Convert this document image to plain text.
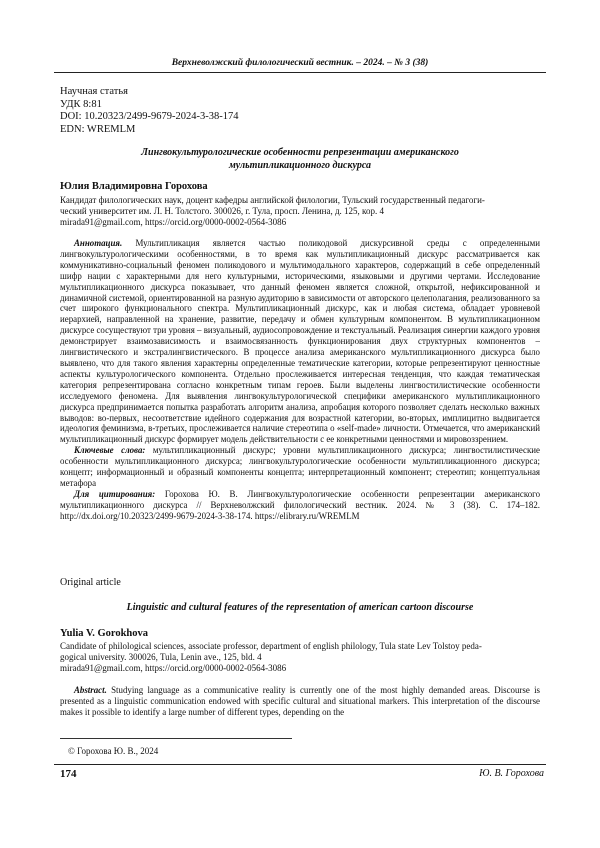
Верхневолжский филологический вестник. – 2024. – № 3 (38)
Научная статья
УДК 8:81
DOI: 10.20323/2499-9679-2024-3-38-174
EDN: WREMLM
Лингвокультурологические особенности репрезентации американского
мультипликационного дискурса
Юлия Владимировна Горохова
Кандидат филологических наук, доцент кафедры английской филологии, Тульский государственный педагоги-
ческий университет им. Л. Н. Толстого. 300026, г. Тула, просп. Ленина, д. 125, кор. 4
mirada91@gmail.com, https://orcid.org/0000-0002-0564-3086
Аннотация. Мультипликация является частью поликодовой дискурсивной среды с определенными лингвокультурологическими особенностями, в то время как мультипликационный дискурс рассматривается как коммуникативно-социальный феномен поликодового и мультимодального характеров, содержащий в себе определенный шифр нации с характерными для него культурными, историческими, языковыми и другими чертами. Исследование мультипликационного дискурса показывает, что данный феномен является сложной, открытой, нефиксированной и динамичной системой, ориентированной на разную аудиторию в зависимости от авторского целеполагания, реализованного за счет широкого функционального спектра. Мультипликационный дискурс, как и любая система, обладает уровневой иерархией, направленной на хранение, развитие, передачу и обмен культурным компонентом. В мультипликационном дискурсе сосуществуют три уровня – визуальный, аудиосопровождение и текстуальный. Реализация синергии каждого уровня демонстрирует взаимозависимость и взаимосвязанность функционирования двух структурных компонентов – лингвистического и экстралингвистического. В процессе анализа американского мультипликационного дискурса было выявлено, что для такого явления характерны определенные тематические категории, которые репрезентируют ценностные аспекты культурологического компонента. Отдельно прослеживается интересная тенденция, что каждая тематическая категория репрезентирована согласно конкретным типам героев. Были выделены лингвостилистические особенности исследуемого феномена. Для выявления лингвокультурологической специфики американского мультипликационного дискурса предпринимается попытка разработать алгоритм анализа, апробация которого позволяет сделать несколько важных выводов: во-первых, несоответствие идейного содержания для возрастной категории, во-вторых, имплицитно выдвигается идеология феминизма, в-третьих, прослеживается наличие стереотипа о «self-made» личности. Отмечается, что американский мультипликационный дискурс формирует модель действительности с ее конкретными ценностями и мировоззрением.
Ключевые слова: мультипликационный дискурс; уровни мультипликационного дискурса; лингвостилистические особенности мультипликационного дискурса; лингвокультурологические особенности мультипликационного дискурса; концепт; информационный и образный компоненты концепта; интерпретационный компонент; стереотип; концептуальная метафора
Для цитирования: Горохова Ю. В. Лингвокультурологические особенности репрезентации американского мультипликационного дискурса // Верхневолжский филологический вестник. 2024. № 3 (38). С. 174–182. http://dx.doi.org/10.20323/2499-9679-2024-3-38-174. https://elibrary.ru/WREMLM
Original article
Linguistic and cultural features of the representation of american cartoon discourse
Yulia V. Gorokhova
Candidate of philological sciences, associate professor, department of english philology, Tula state Lev Tolstoy peda-
gogical university. 300026, Tula, Lenin ave., 125, bld. 4
mirada91@gmail.com, https://orcid.org/0000-0002-0564-3086
Abstract. Studying language as a communicative reality is currently one of the most highly demanded areas. Discourse is presented as a linguistic communication endowed with specific cultural and situational markers. This interpretation of the discourse makes it possible to identify a large number of different types, depending on the
© Горохова Ю. В., 2024
174	Ю. В. Горохова
